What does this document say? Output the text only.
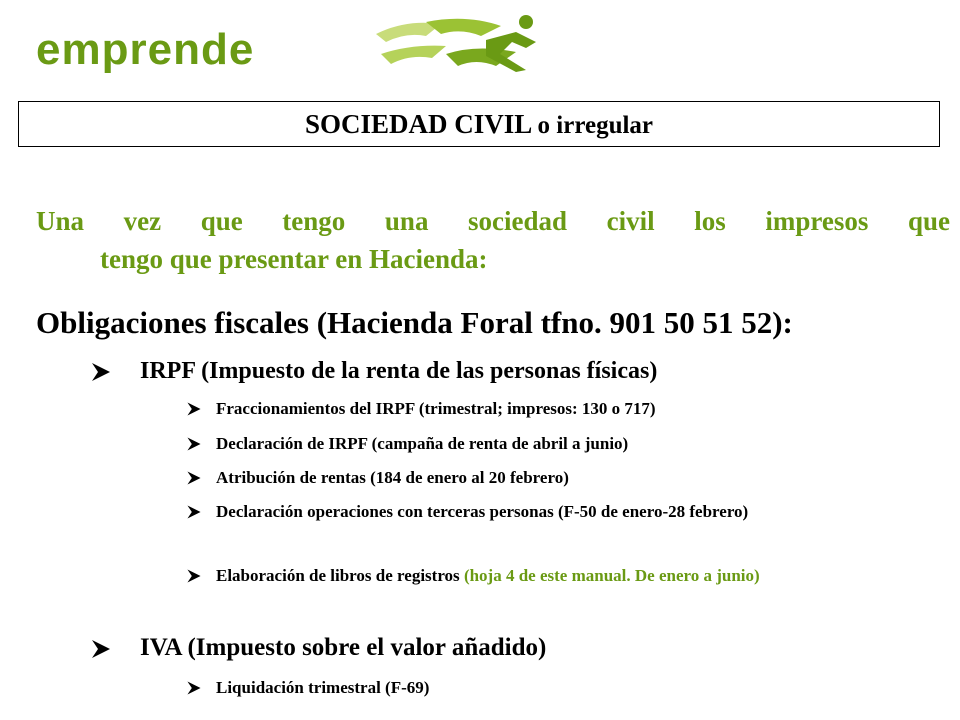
emprende
SOCIEDAD CIVIL o irregular
Una vez que tengo una sociedad civil los impresos que
tengo que presentar en Hacienda:
Obligaciones fiscales (Hacienda Foral tfno. 901 50 51 52):
IRPF (Impuesto de la renta de las personas físicas)
Fraccionamientos del IRPF (trimestral; impresos: 130 o 717)
Declaración de IRPF (campaña de renta de abril a junio)
Atribución de rentas (184 de enero al 20 febrero)
Declaración operaciones con terceras personas (F-50 de enero-28 febrero)
Elaboración de libros de registros (hoja 4 de este manual. De enero a junio)
IVA (Impuesto sobre el valor añadido)
Liquidación trimestral (F-69)
